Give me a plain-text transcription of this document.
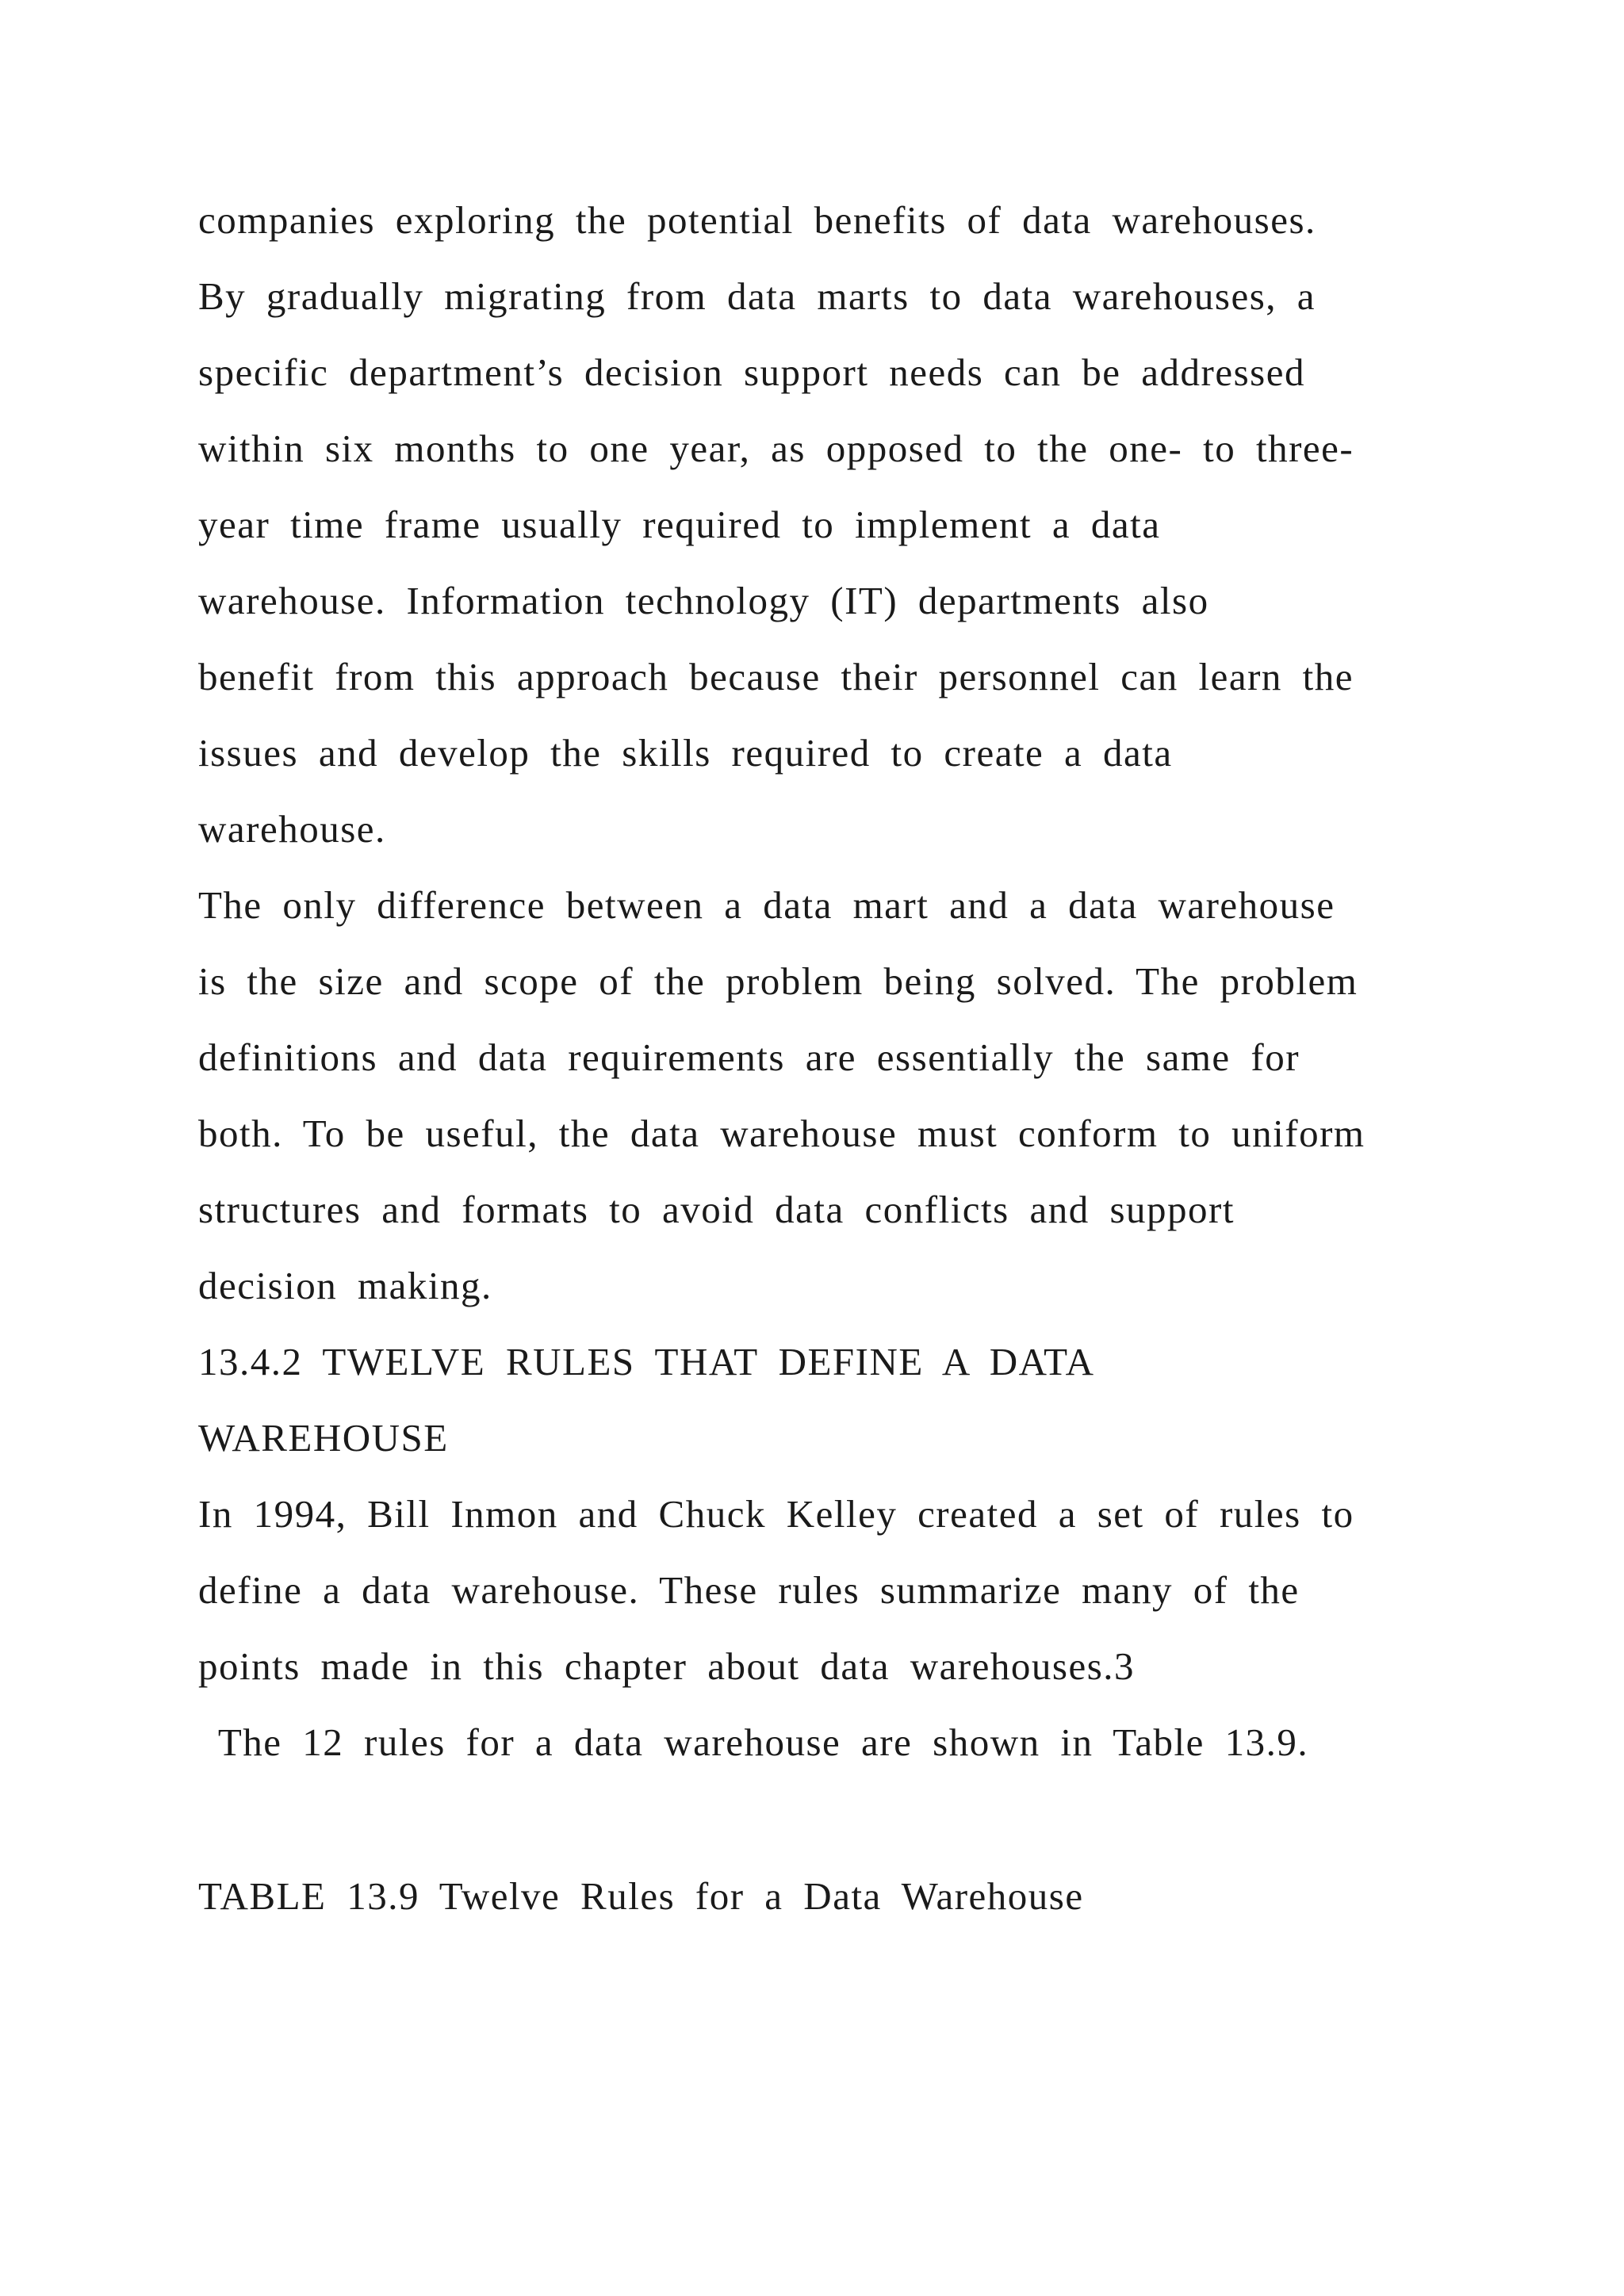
companies exploring the potential benefits of data warehouses.
By gradually migrating from data marts to data warehouses, a
specific department’s decision support needs can be addressed
within six months to one year, as opposed to the one- to three-
year time frame usually required to implement a data
warehouse. Information technology (IT) departments also
benefit from this approach because their personnel can learn the
issues and develop the skills required to create a data
warehouse.
The only difference between a data mart and a data warehouse
is the size and scope of the problem being solved. The problem
definitions and data requirements are essentially the same for
both. To be useful, the data warehouse must conform to uniform
structures and formats to avoid data conflicts and support
decision making.
13.4.2 TWELVE RULES THAT DEFINE A DATA
WAREHOUSE
In 1994, Bill Inmon and Chuck Kelley created a set of rules to
define a data warehouse. These rules summarize many of the
points made in this chapter about data warehouses.3
The 12 rules for a data warehouse are shown in Table 13.9.
TABLE 13.9 Twelve Rules for a Data Warehouse
